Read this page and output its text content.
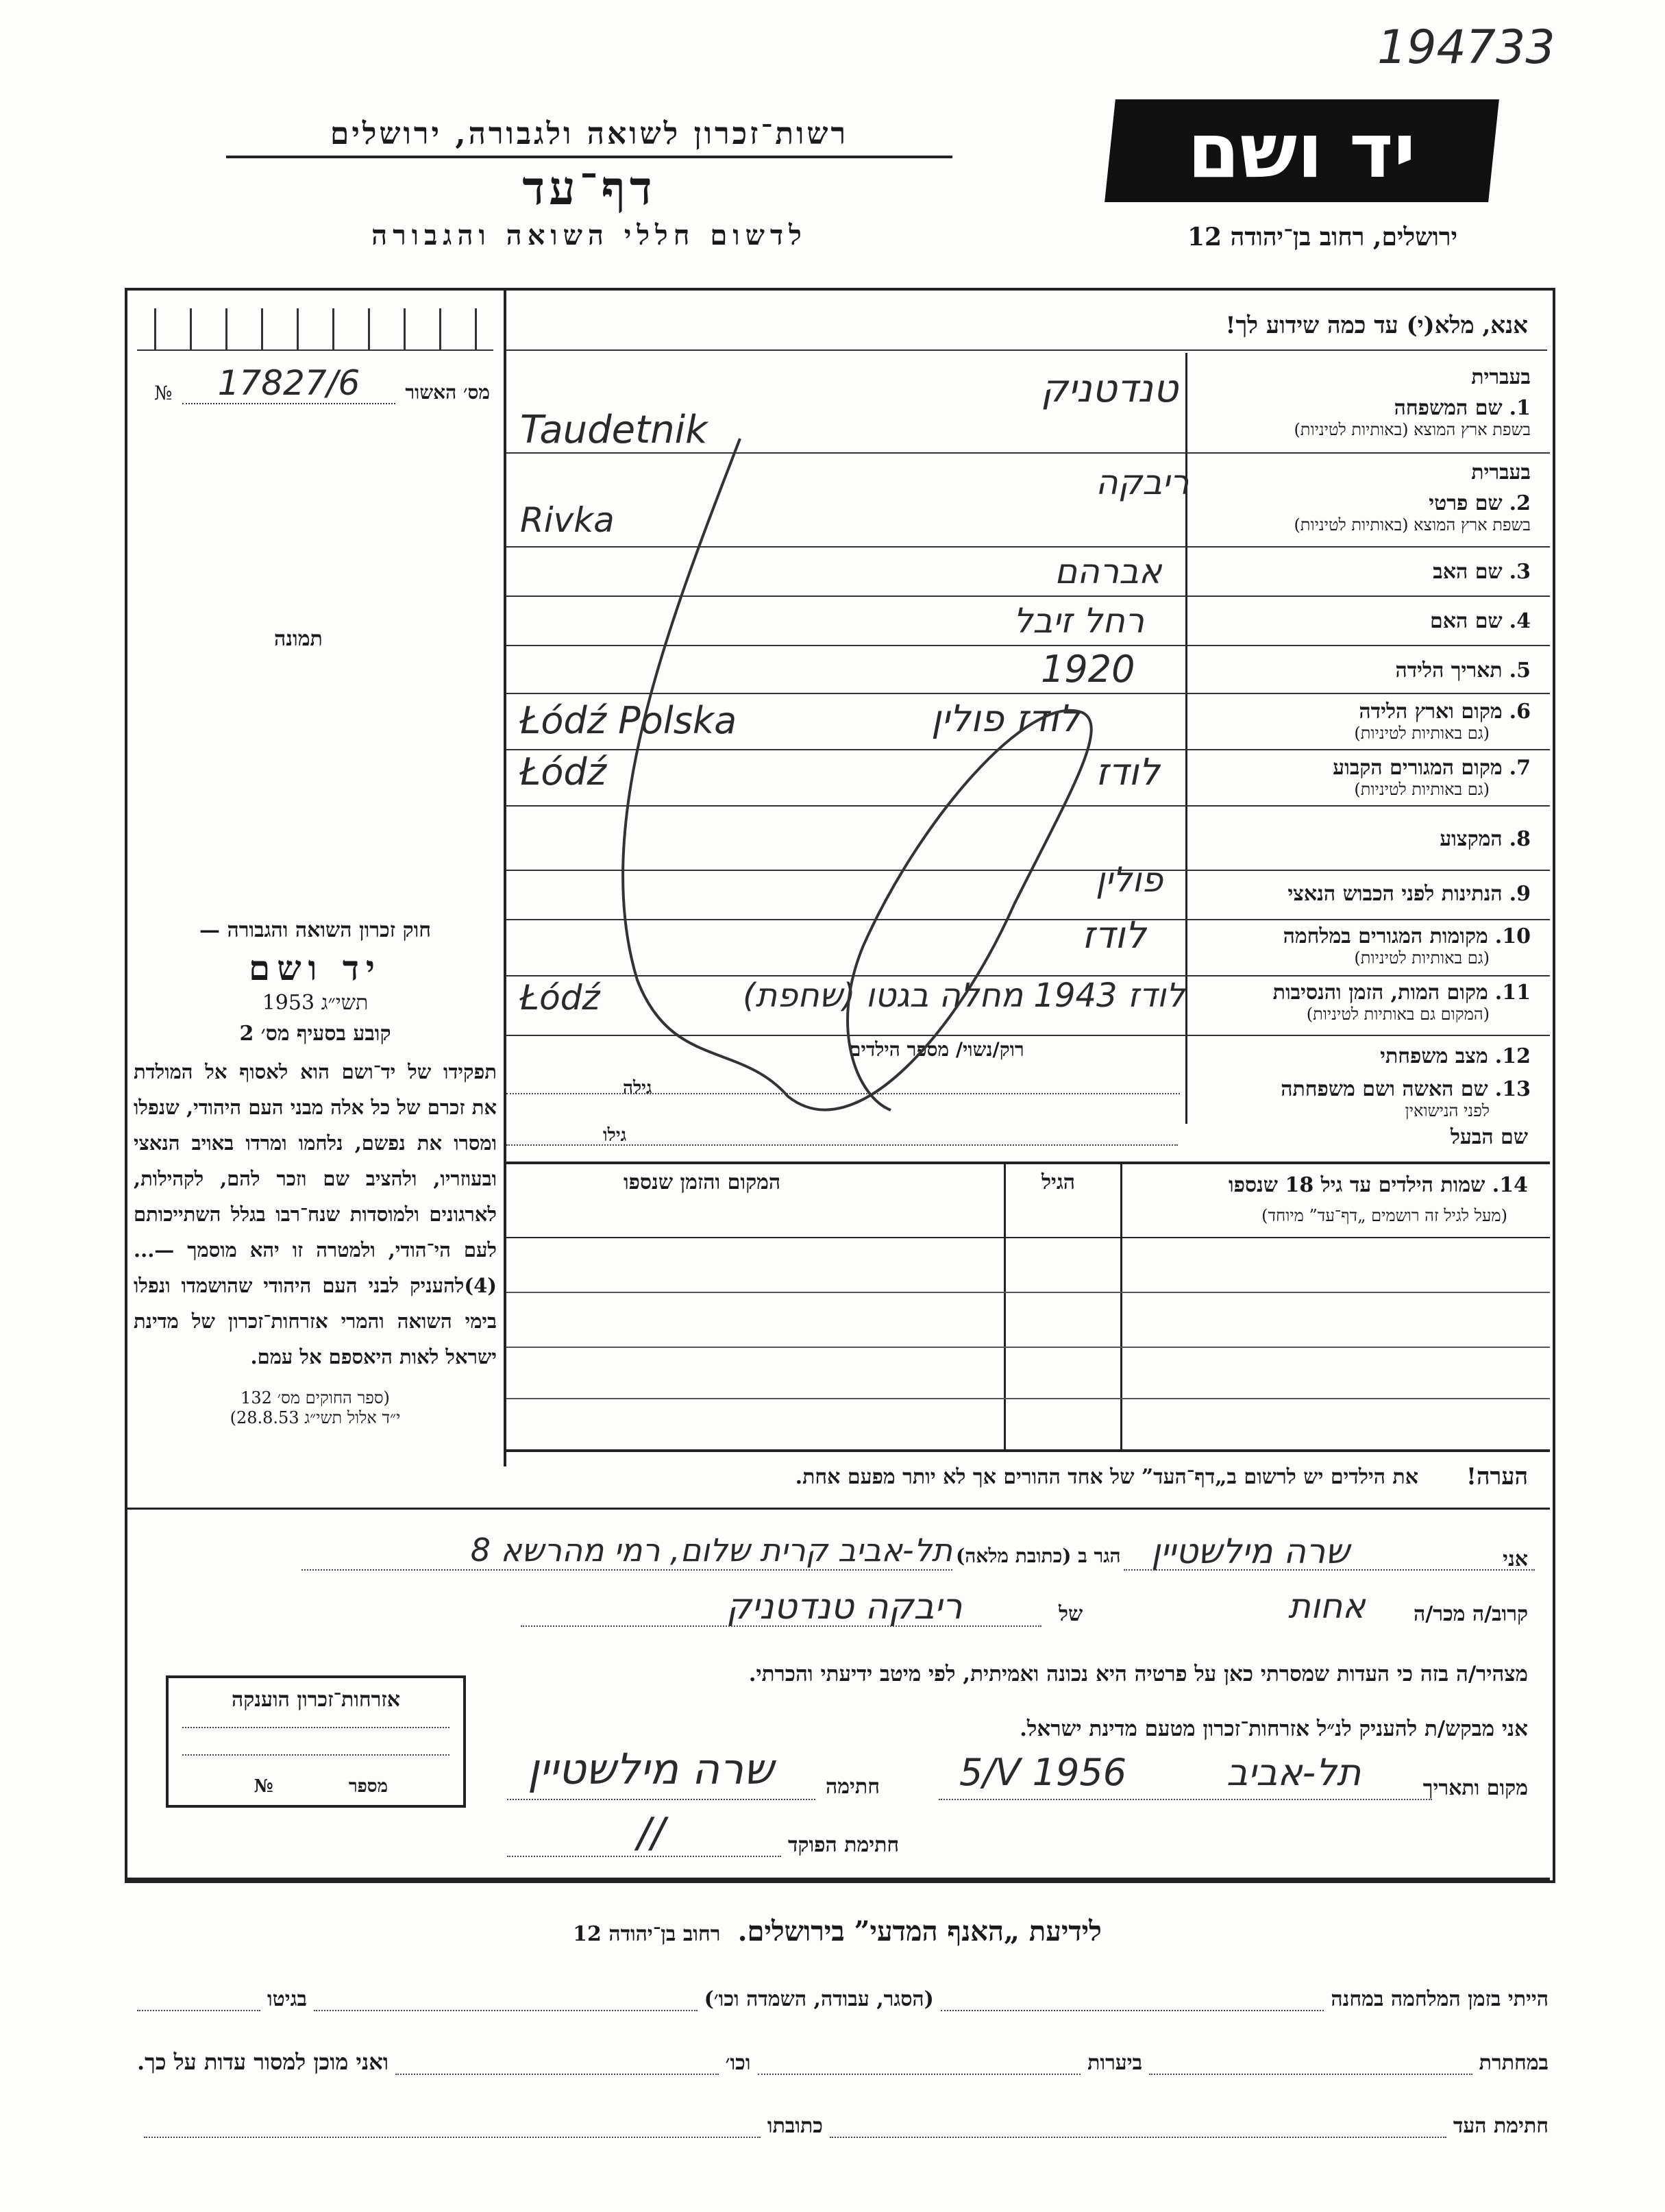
194733
רשות־זכרון לשואה ולגבורה, ירושלים	יד ושם
דף־עד
לדשום חללי השואה והגבורה	ירושלים, רחוב בן־יהודה 12
אנא, מלא(י) עד כמה שידוע לך!
מס׳ האשור
17827/6
№
תמונה
בעברית
1.שם המשפחה
בשפת ארץ המוצא (באותיות לטיניות)
טנדטניק
Taudetnik
בעברית
2.שם פרטי
בשפת ארץ המוצא (באותיות לטיניות)
ריבקה
Rivka
3.שם האב
אברהם
4.שם האם
רחל זיבל
5.תאריך הלידה
1920
6.מקום וארץ הלידה
(גם באותיות לטיניות)
לודז פולין
Łódź Polska
7.מקום המגורים הקבוע
(גם באותיות לטיניות)
לודז
Łódź
8.המקצוע
9.הנתינות לפני הכבוש הנאצי
פולין
10.מקומות המגורים במלחמה
(גם באותיות לטיניות)
לודז
11.מקום המות, הזמן והנסיבות
(המקום גם באותיות לטיניות)
לודז 1943 מחלה בגטו (שחפת)
Łódź
12.מצב משפחתי
רוק/נשוי/ מספר הילדים
13.שם האשה ושם משפחתה
לפני הנישואין
גילה
שם הבעל
גילו
14. שמות הילדים עד גיל 18 שנספו
(מעל לגיל זה רושמים „דף־עד” מיוחד)
הגיל
המקום והזמן שנספו
חוק זכרון השואה והגבורה —
יד ושם
תשי״ג 1953
קובע בסעיף מס׳ 2
תפקידו של יד־ושם הוא לאסוף אל המולדת את זכרם של כל אלה מבני העם היהודי, שנפלו ומסרו את נפשם, נלחמו ומרדו באויב הנאצי ובעוזריו, ולהציב שם וזכר להם, לקהילות, לארגונים ולמוסדות שנח־רבו בגלל השתייכותם לעם הי־הודי, ולמטרה זו יהא מוסמך —...(4)להעניק לבני העם היהודי שהושמדו ונפלו בימי השואה והמרי אזרחות־זכרון של מדינת ישראל לאות היאספם אל עמם.
(ספר החוקים מס׳ 132
י״ד אלול תשי״ג 28.8.53)
הערה!
את הילדים יש לרשום ב„דף־העד” של אחד ההורים אך לא יותר מפעם אחת.
אני
שרה מילשטיין
הגר ב (כתובת מלאה)
תל-אביב קרית שלום, רמי מהרשא 8
קרוב/ה מכר/ה
אחות
של
ריבקה טנדטניק
מצהיר/ה בזה כי העדות שמסרתי כאן על פרטיה היא נכונה ואמיתית, לפי מיטב ידיעתי והכרתי.
אני מבקש/ת להעניק לנ״ל אזרחות־זכרון מטעם מדינת ישראל.
מקום ותאריך
תל-אביב
5/V 1956
חתימה
שרה מילשטיין
חתימת הפוקד
//
אזרחות־זכרון הוענקה
מספר
№
לידיעת „האנף המדעי” בירושלים. רחוב בן־יהודה 12
הייתי בזמן המלחמה במחנה
(הסגר, עבודה, השמדה וכו׳)
בגיטו
במחתרת
ביערות
וכו׳
ואני מוכן למסור עדות על כך.
חתימת העד
כתובתו
